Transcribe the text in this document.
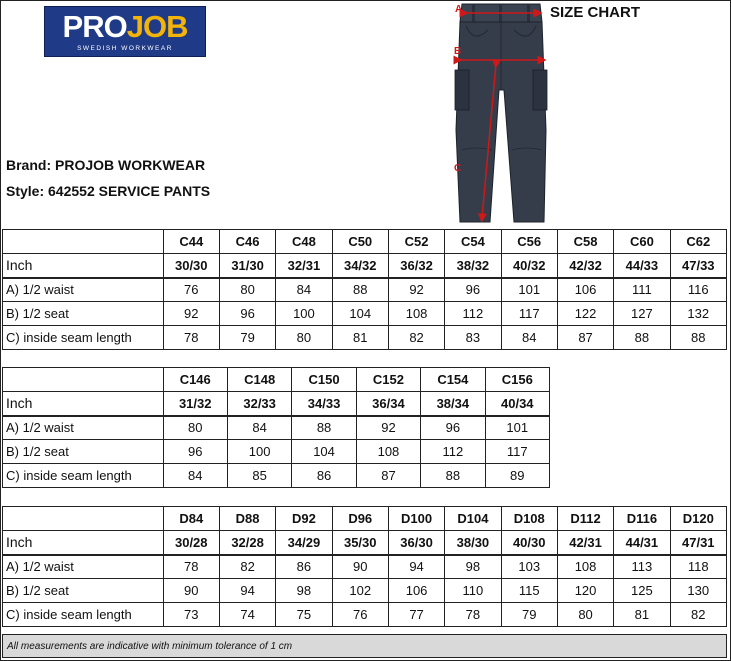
PROJOB
SWEDISH WORKWEAR
SIZE CHART
Brand: PROJOB WORKWEAR
Style: 642552 SERVICE PANTS
A
B
C
	C44	C46	C48	C50	C52	C54	C56	C58	C60	C62
Inch	30/30	31/30	32/31	34/32	36/32	38/32	40/32	42/32	44/33	47/33
A) 1/2 waist	76	80	84	88	92	96	101	106	111	116
B) 1/2 seat	92	96	100	104	108	112	117	122	127	132
C) inside seam length	78	79	80	81	82	83	84	87	88	88
	C146	C148	C150	C152	C154	C156
Inch	31/32	32/33	34/33	36/34	38/34	40/34
A) 1/2 waist	80	84	88	92	96	101
B) 1/2 seat	96	100	104	108	112	117
C) inside seam length	84	85	86	87	88	89
	D84	D88	D92	D96	D100	D104	D108	D112	D116	D120
Inch	30/28	32/28	34/29	35/30	36/30	38/30	40/30	42/31	44/31	47/31
A) 1/2 waist	78	82	86	90	94	98	103	108	113	118
B) 1/2 seat	90	94	98	102	106	110	115	120	125	130
C) inside seam length	73	74	75	76	77	78	79	80	81	82
All measurements are indicative with minimum tolerance of 1 cm
